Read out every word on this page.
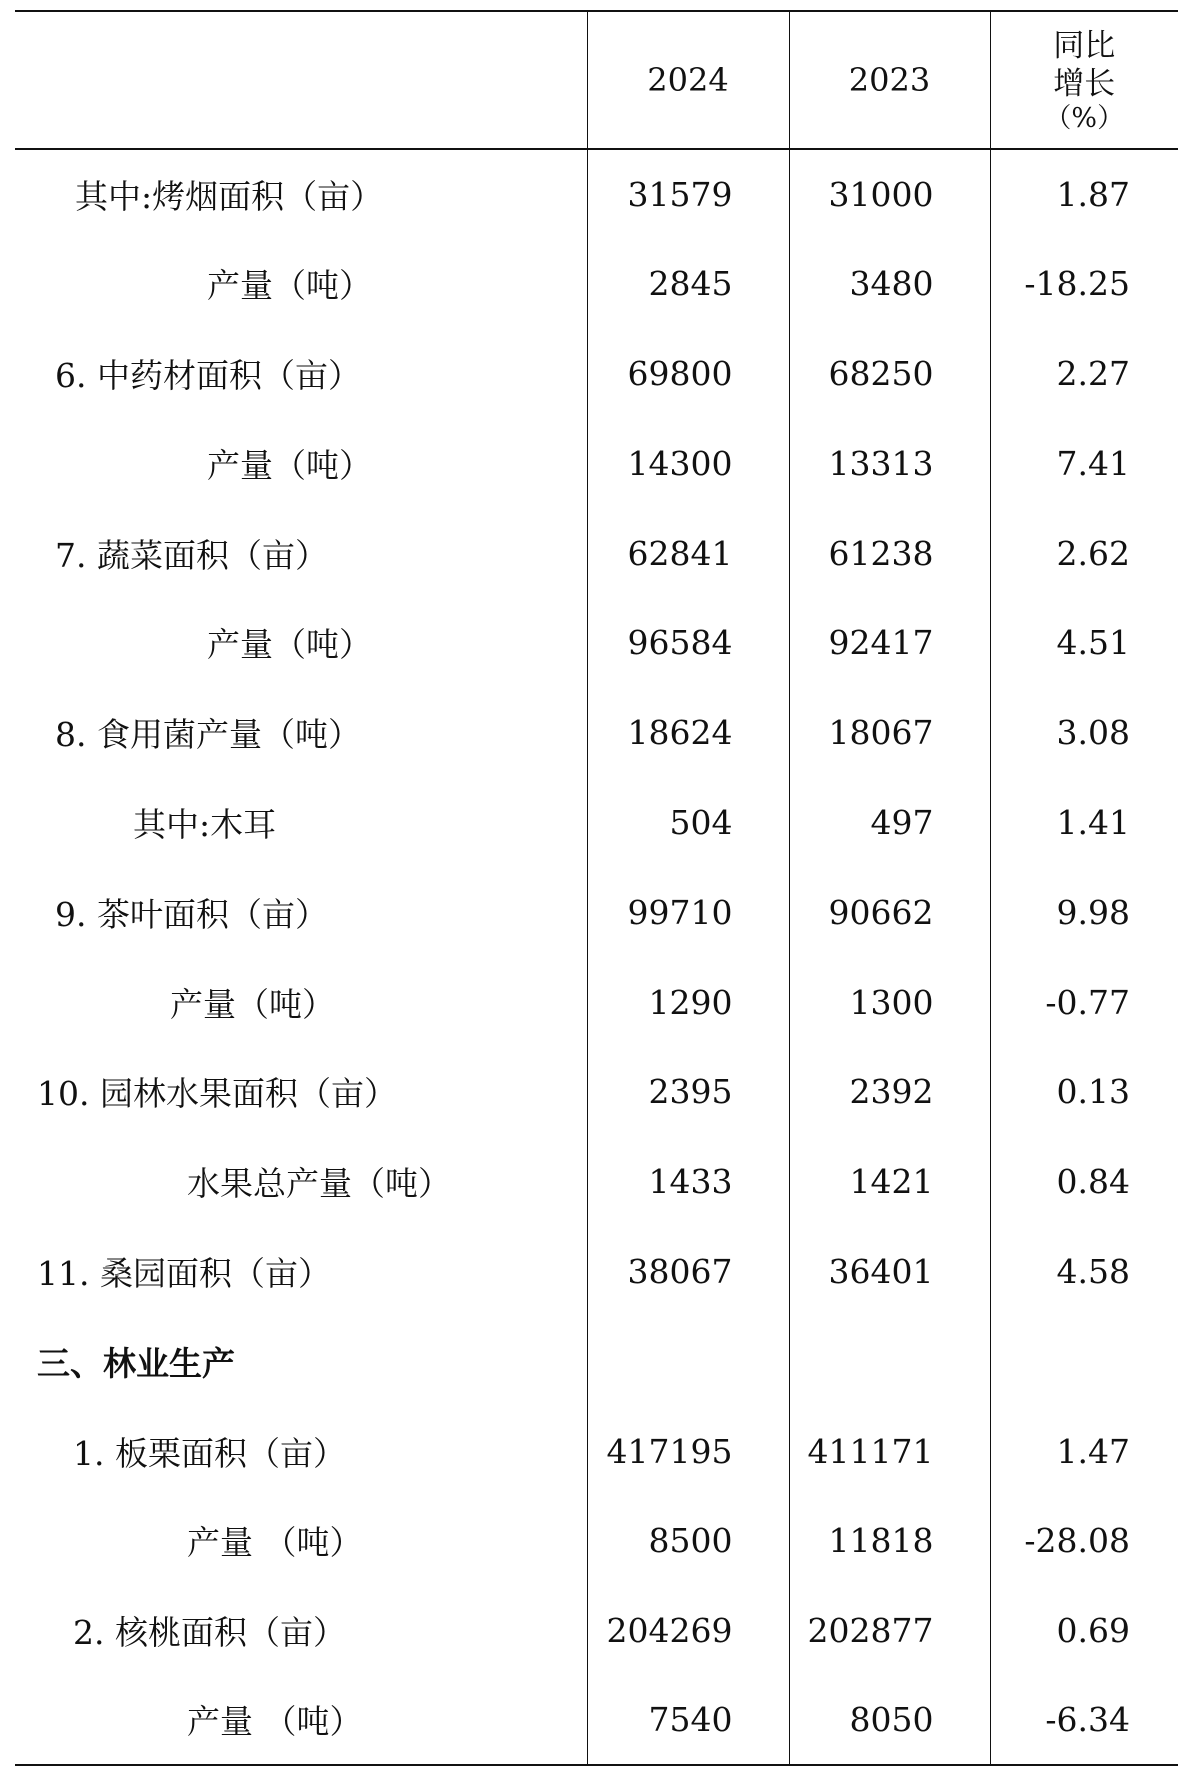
	2024	2023	同比
增长
（%）

其中:烤烟面积（亩）	31579	31000	1.87
产量（吨）	2845	3480	-18.25
6. 中药材面积（亩）	69800	68250	2.27
产量（吨）	14300	13313	7.41
7. 蔬菜面积（亩）	62841	61238	2.62
产量（吨）	96584	92417	4.51
8. 食用菌产量（吨）	18624	18067	3.08
其中:木耳	504	497	1.41
9. 茶叶面积（亩）	99710	90662	9.98
产量（吨）	1290	1300	-0.77
10. 园林水果面积（亩）	2395	2392	0.13
水果总产量（吨）	1433	1421	0.84
11. 桑园面积（亩）	38067	36401	4.58
三、林业生产			
1. 板栗面积（亩）	417195	411171	1.47
产量 （吨）	8500	11818	-28.08
2. 核桃面积（亩）	204269	202877	0.69
产量 （吨）	7540	8050	-6.34
